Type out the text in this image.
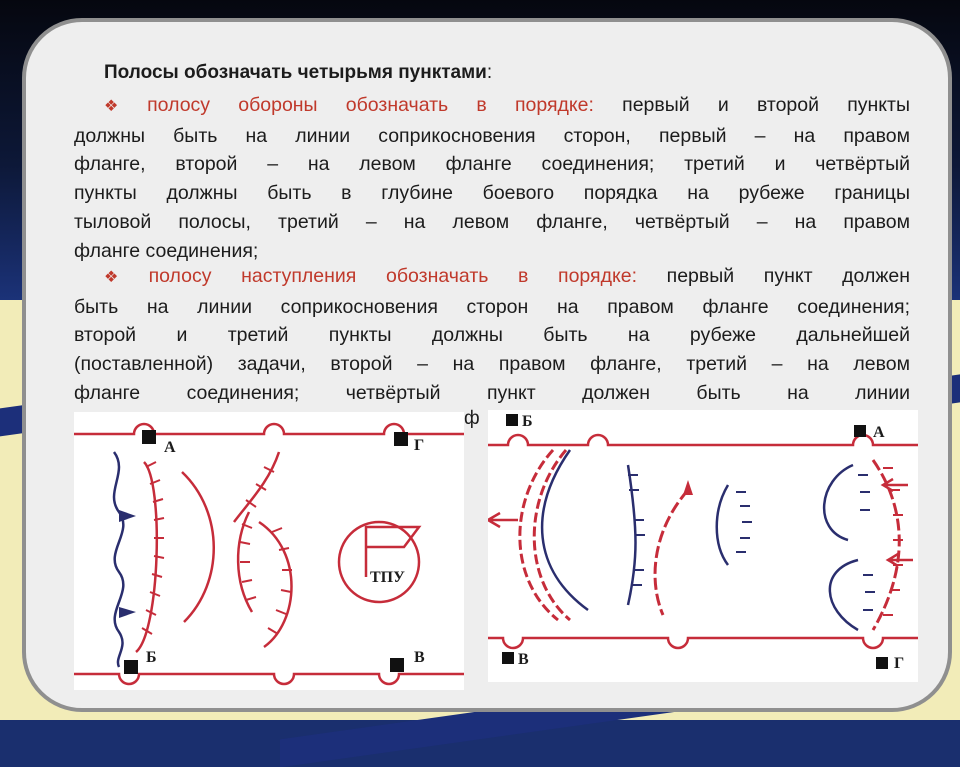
Полосы обозначать четырьмя пунктами:
❖ полосу обороны обозначать в порядке: первый и второй пункты
должны быть на линии соприкосновения сторон, первый – на правом
фланге, второй – на левом фланге соединения; третий и четвёртый
пункты должны быть в глубине боевого порядка на рубеже границы
тыловой полосы, третий – на левом фланге, четвёртый – на правом
фланге соединения;
❖ полосу наступления обозначать в порядке: первый пункт должен
быть на линии соприкосновения сторон на правом фланге соединения;
второй и третий пункты должны быть на рубеже дальнейшей
(поставленной) задачи, второй – на правом фланге, третий – на левом
фланге соединения; четвёртый пункт должен быть на линии
ф
ТПУ
А	Г
Б	В
Б
А
В	Г
